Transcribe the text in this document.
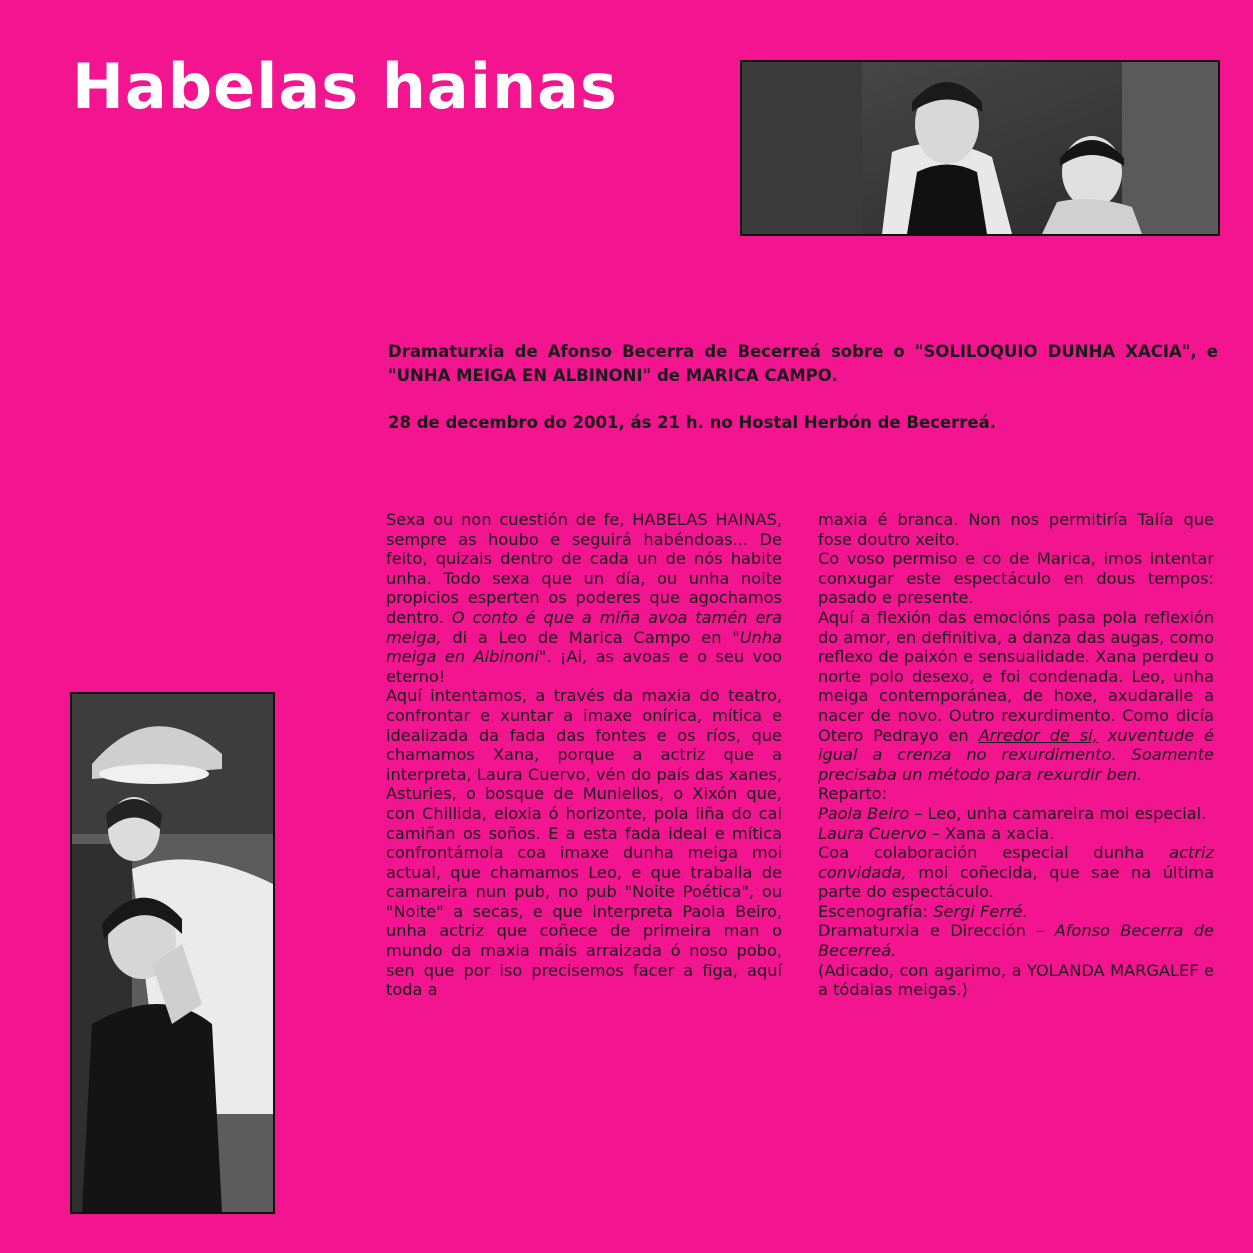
Habelas hainas

Dramaturxia de Afonso Becerra de Becerreá sobre o "SOLILOQUIO DUNHA XACIA", e "UNHA MEIGA EN ALBINONI" de MARICA CAMPO.

28 de decembro do 2001, ás 21 h. no Hostal Herbón de Becerreá.

Sexa ou non cuestión de fe, HABELAS HAINAS, sempre as houbo e seguirá habéndoas... De feito, quizais dentro de cada un de nós habite unha. Todo sexa que un día, ou unha noite propicios esperten os poderes que agochamos dentro. O conto é que a miña avoa tamén era meiga, di a Leo de Marica Campo en "Unha meiga en Albinoni". ¡Ai, as avoas e o seu voo eterno!

Aquí intentamos, a través da maxia do teatro, confrontar e xuntar a imaxe onírica, mítica e idealizada da fada das fontes e os ríos, que chamamos Xana, porque a actriz que a interpreta, Laura Cuervo, vén do país das xanes, Asturies, o bosque de Muniellos, o Xixón que, con Chillida, eloxia ó horizonte, pola liña do cal camiñan os soños. E a esta fada ideal e mítica confrontámola coa imaxe dunha meiga moi actual, que chamamos Leo, e que traballa de camareira nun pub, no pub "Noite Poética", ou "Noite" a secas, e que interpreta Paola Beiro, unha actriz que coñece de primeira man o mundo da maxia máis arraizada ó noso pobo, sen que por iso precisemos facer a figa, aquí toda a

maxia é branca. Non nos permitiría Talía que fose doutro xeito.

Co voso permiso e co de Marica, imos intentar conxugar este espectáculo en dous tempos: pasado e presente.

Aquí a flexión das emocións pasa pola reflexión do amor, en definitiva, a danza das augas, como reflexo de paixón e sensualidade. Xana perdeu o norte polo desexo, e foi condenada. Leo, unha meiga contemporánea, de hoxe, axudaralle a nacer de novo. Outro rexurdimento. Como dicía Otero Pedrayo en Arredor de si, xuventude é igual a crenza no rexurdimento. Soamente precisaba un método para rexurdir ben.

Reparto:

Paola Beiro – Leo, unha camareira moi especial.

Laura Cuervo – Xana a xacia.

Coa colaboración especial dunha actriz convidada, moi coñecida, que sae na última parte do espectáculo.

Escenografía: Sergi Ferré.

Dramaturxia e Dirección – Afonso Becerra de Becerreá.

(Adicado, con agarimo, a YOLANDA MARGALEF e a tódalas meigas.)
